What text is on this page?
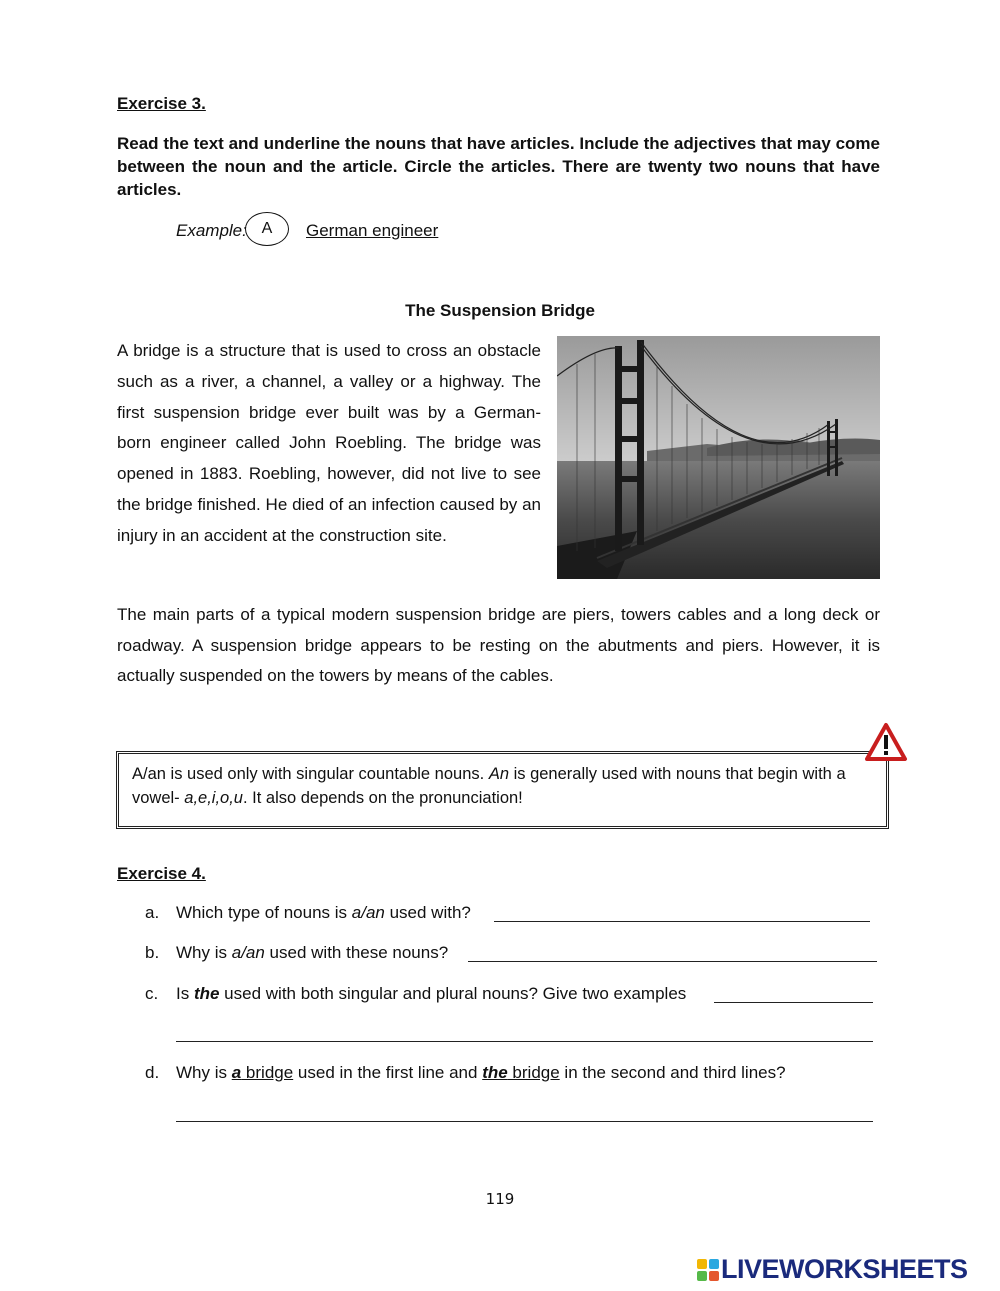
Exercise 3.
Read the text and underline the nouns that have articles. Include the adjectives that may come between the noun and the article. Circle the articles. There are twenty two nouns that have articles.
Example: A	German engineer
The Suspension Bridge
A bridge is a structure that is used to cross an obstacle such as a river, a channel, a valley or a highway. The first suspension bridge ever built was by a German- born engineer called John Roebling. The bridge was opened in 1883. Roebling, however, did not live to see the bridge finished. He died of an infection caused by an injury in an accident at the construction site.
The main parts of a typical modern suspension bridge are piers, towers cables and a long deck or roadway. A suspension bridge appears to be resting on the abutments and piers. However, it is actually suspended on the towers by means of the cables.
A/an is used only with singular countable nouns. An is generally used with nouns that begin with a vowel- a,e,i,o,u. It also depends on the pronunciation!
Exercise 4.
a. Which type of nouns is a/an used with?
b. Why is a/an used with these nouns?
c. Is the used with both singular and plural nouns? Give two examples
d. Why is a bridge used in the first line and the bridge in the second and third lines?
119
LIVEWORKSHEETS
